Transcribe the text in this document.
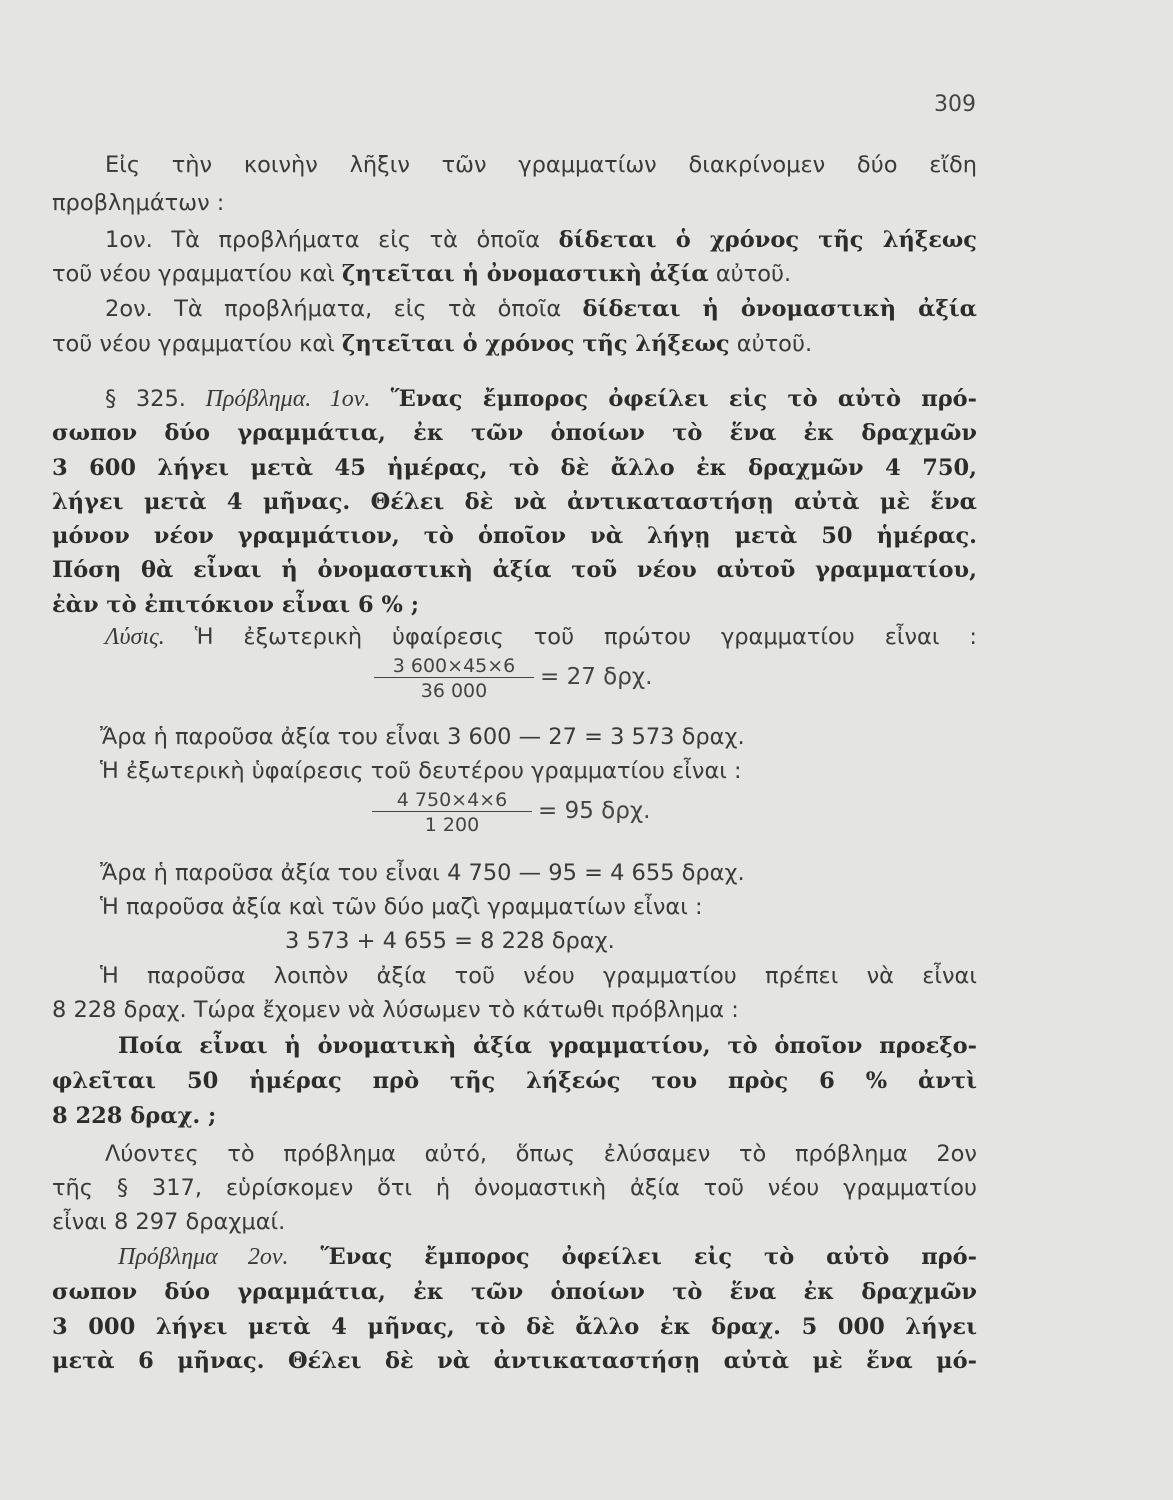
309
Εἰς τὴν κοινὴν λῆξιν τῶν γραμματίων διακρίνομεν δύο εἴδη
προβλημάτων :
1ον. Τὰ προβλήματα εἰς τὰ ὁποῖα δίδεται ὁ χρόνος τῆς λήξεως
τοῦ νέου γραμματίου καὶ ζητεῖται ἡ ὀνομαστικὴ ἀξία αὐτοῦ.
2ον. Τὰ προβλήματα, εἰς τὰ ὁποῖα δίδεται ἡ ὀνομαστικὴ ἀξία
τοῦ νέου γραμματίου καὶ ζητεῖται ὁ χρόνος τῆς λήξεως αὐτοῦ.
§ 325. Πρόβλημα. 1ον. Ἕνας ἔμπορος ὀφείλει εἰς τὸ αὐτὸ πρό-
σωπον δύο γραμμάτια, ἐκ τῶν ὁποίων τὸ ἕνα ἐκ δραχμῶν
3 600 λήγει μετὰ 45 ἡμέρας, τὸ δὲ ἄλλο ἐκ δραχμῶν 4 750,
λήγει μετὰ 4 μῆνας. Θέλει δὲ νὰ ἀντικαταστήσῃ αὐτὰ μὲ ἕνα
μόνον νέον γραμμάτιον, τὸ ὁποῖον νὰ λήγῃ μετὰ 50 ἡμέρας.
Πόση θὰ εἶναι ἡ ὀνομαστικὴ ἀξία τοῦ νέου αὐτοῦ γραμματίου,
ἐὰν τὸ ἐπιτόκιον εἶναι 6 % ;
Λύσις. Ἡ ἐξωτερικὴ ὑφαίρεσις τοῦ πρώτου γραμματίου εἶναι :
$\frac{3 600\times 45\times 6}{36 000} = 27$ δρχ.
Ἄρα ἡ παροῦσα ἀξία του εἶναι 3 600 — 27 = 3 573 δραχ.
Ἡ ἐξωτερικὴ ὑφαίρεσις τοῦ δευτέρου γραμματίου εἶναι :
$\frac{4 750\times 4\times 6}{1 200} = 95$ δρχ.
Ἄρα ἡ παροῦσα ἀξία του εἶναι 4 750 — 95 = 4 655 δραχ.
Ἡ παροῦσα ἀξία καὶ τῶν δύο μαζὶ γραμματίων εἶναι :
3 573 + 4 655 = 8 228 δραχ.
Ἡ παροῦσα λοιπὸν ἀξία τοῦ νέου γραμματίου πρέπει νὰ εἶναι
8 228 δραχ. Τώρα ἔχομεν νὰ λύσωμεν τὸ κάτωθι πρόβλημα :
Ποία εἶναι ἡ ὀνοματικὴ ἀξία γραμματίου, τὸ ὁποῖον προεξο-
φλεῖται 50 ἡμέρας πρὸ τῆς λήξεώς του πρὸς 6 % ἀντὶ
8 228 δραχ. ;
Λύοντες τὸ πρόβλημα αὐτό, ὅπως ἐλύσαμεν τὸ πρόβλημα 2ον
τῆς § 317, εὑρίσκομεν ὅτι ἡ ὀνομαστικὴ ἀξία τοῦ νέου γραμματίου
εἶναι 8 297 δραχμαί.
Πρόβλημα 2ον. Ἕνας ἔμπορος ὀφείλει εἰς τὸ αὐτὸ πρό-
σωπον δύο γραμμάτια, ἐκ τῶν ὁποίων τὸ ἕνα ἐκ δραχμῶν
3 000 λήγει μετὰ 4 μῆνας, τὸ δὲ ἄλλο ἐκ δραχ. 5 000 λήγει
μετὰ 6 μῆνας. Θέλει δὲ νὰ ἀντικαταστήσῃ αὐτὰ μὲ ἕνα μό-
